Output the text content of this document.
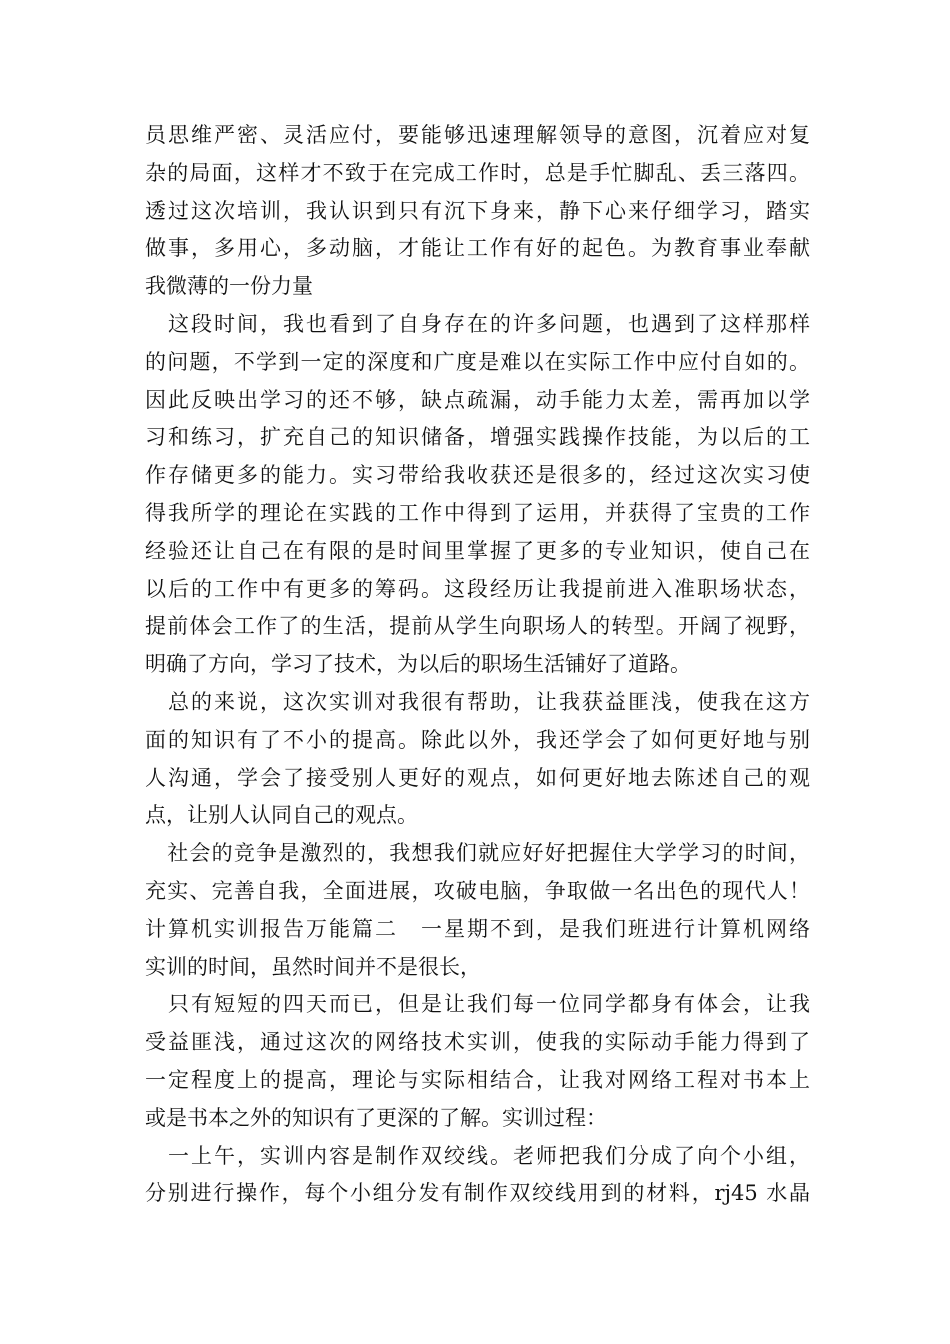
员思维严密、灵活应付，要能够迅速理解领导的意图，沉着应对复
杂的局面，这样才不致于在完成工作时，总是手忙脚乱、丢三落四。
透过这次培训，我认识到只有沉下身来，静下心来仔细学习，踏实
做事，多用心，多动脑，才能让工作有好的起色。为教育事业奉献
我微薄的一份力量
　这段时间，我也看到了自身存在的许多问题，也遇到了这样那样
的问题，不学到一定的深度和广度是难以在实际工作中应付自如的。
因此反映出学习的还不够，缺点疏漏，动手能力太差，需再加以学
习和练习，扩充自己的知识储备，增强实践操作技能，为以后的工
作存储更多的能力。实习带给我收获还是很多的，经过这次实习使
得我所学的理论在实践的工作中得到了运用，并获得了宝贵的工作
经验还让自己在有限的是时间里掌握了更多的专业知识，使自己在
以后的工作中有更多的筹码。这段经历让我提前进入准职场状态，
提前体会工作了的生活，提前从学生向职场人的转型。开阔了视野，
明确了方向，学习了技术，为以后的职场生活铺好了道路。
　总的来说，这次实训对我很有帮助，让我获益匪浅，使我在这方
面的知识有了不小的提高。除此以外，我还学会了如何更好地与别
人沟通，学会了接受别人更好的观点，如何更好地去陈述自己的观
点，让别人认同自己的观点。
　社会的竞争是激烈的，我想我们就应好好把握住大学学习的时间，
充实、完善自我，全面进展，攻破电脑，争取做一名出色的现代人！
计算机实训报告万能篇二　一星期不到，是我们班进行计算机网络
实训的时间，虽然时间并不是很长，
　只有短短的四天而已，但是让我们每一位同学都身有体会，让我
受益匪浅，通过这次的网络技术实训，使我的实际动手能力得到了
一定程度上的提高，理论与实际相结合，让我对网络工程对书本上
或是书本之外的知识有了更深的了解。实训过程：
　一上午，实训内容是制作双绞线。老师把我们分成了向个小组，
分别进行操作，每个小组分发有制作双绞线用到的材料，rj45 水晶
